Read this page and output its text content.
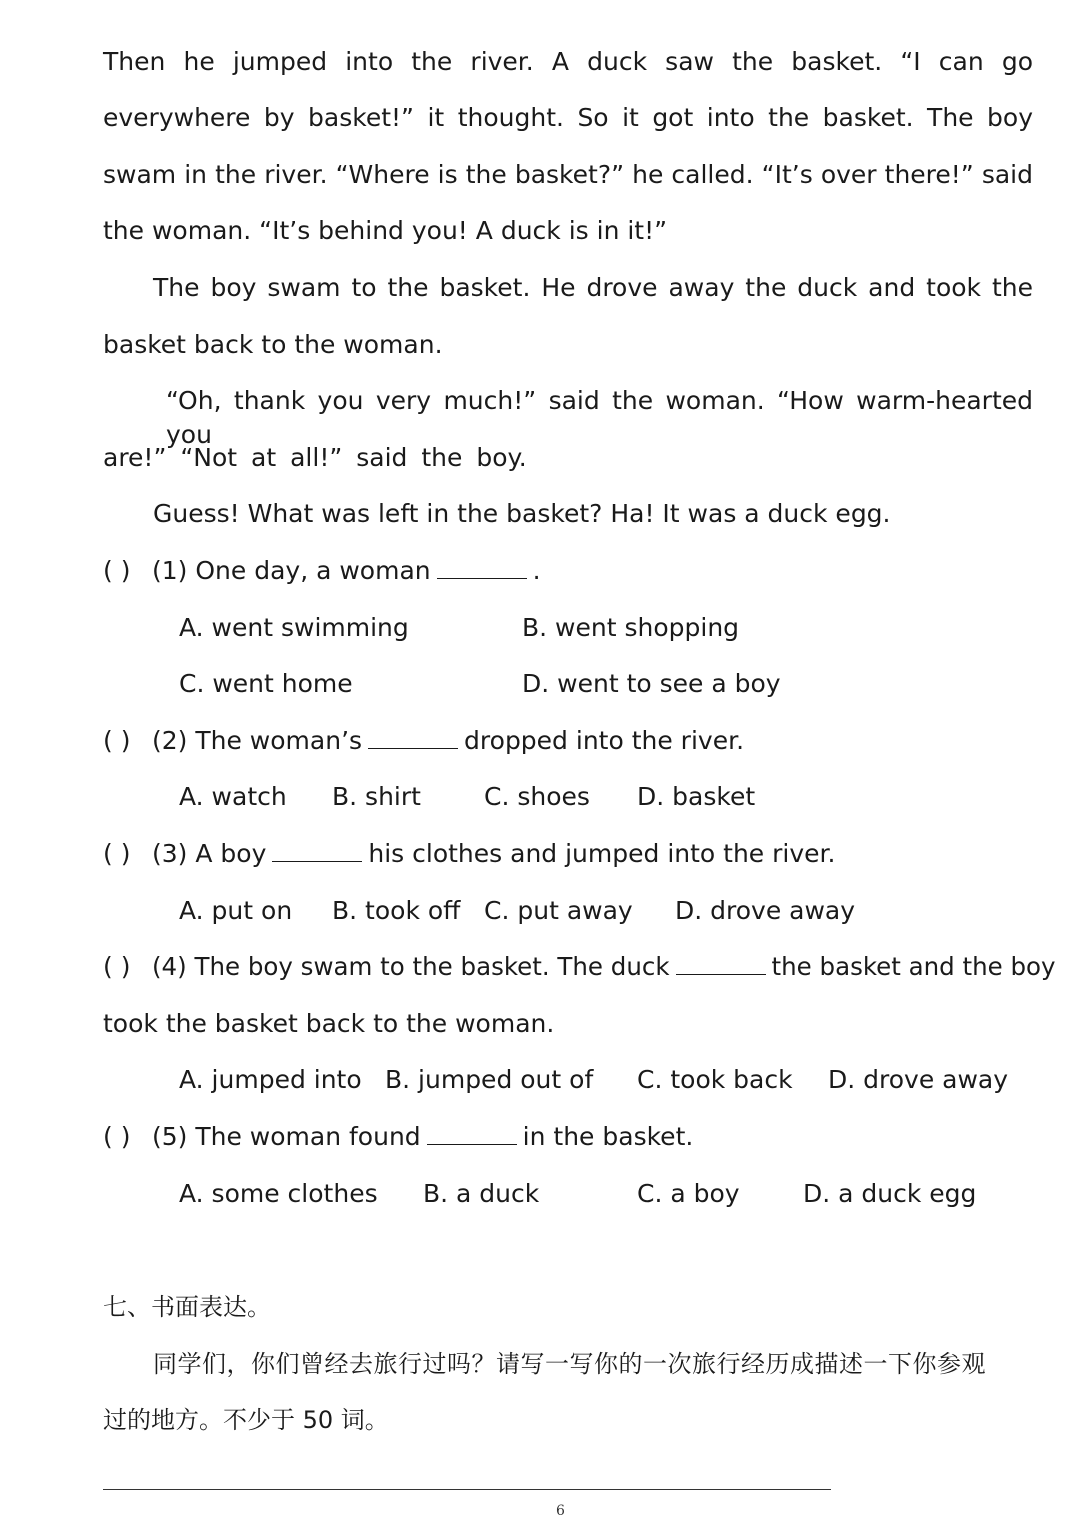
Then he jumped into the river. A duck saw the basket. “I can go
everywhere by basket!” it thought. So it got into the basket. The boy
swam in the river. “Where is the basket?” he called. “It’s over there!” said
the woman. “It’s behind you! A duck is in it!”
The boy swam to the basket. He drove away the duck and took the
basket back to the woman.
“Oh, thank you very much!” said the woman. “How warm-hearted you
are!” “Not at all!” said the boy.
Guess! What was left in the basket? Ha! It was a duck egg.
( ) (1) One day, a woman	.
A. went swimming	B. went shopping
C. went home	D. went to see a boy
( ) (2) The woman’s	dropped into the river.
A. watch B. shirt	C. shoes D. basket
( ) (3) A boy	his clothes and jumped into the river.
A. put on B. took off C. put away D. drove away
( ) (4) The boy swam to the basket. The duck	the basket and the boy
took the basket back to the woman.
A. jumped into B. jumped out of C. took back D. drove away
( ) (5) The woman found	in the basket.
A. some clothes B. a duck	C. a boy	D. a duck egg
七、书面表达。
同学们，你们曾经去旅行过吗？请写一写你的一次旅行经历成描述一下你参观
过的地方。不少于 50 词。
6
